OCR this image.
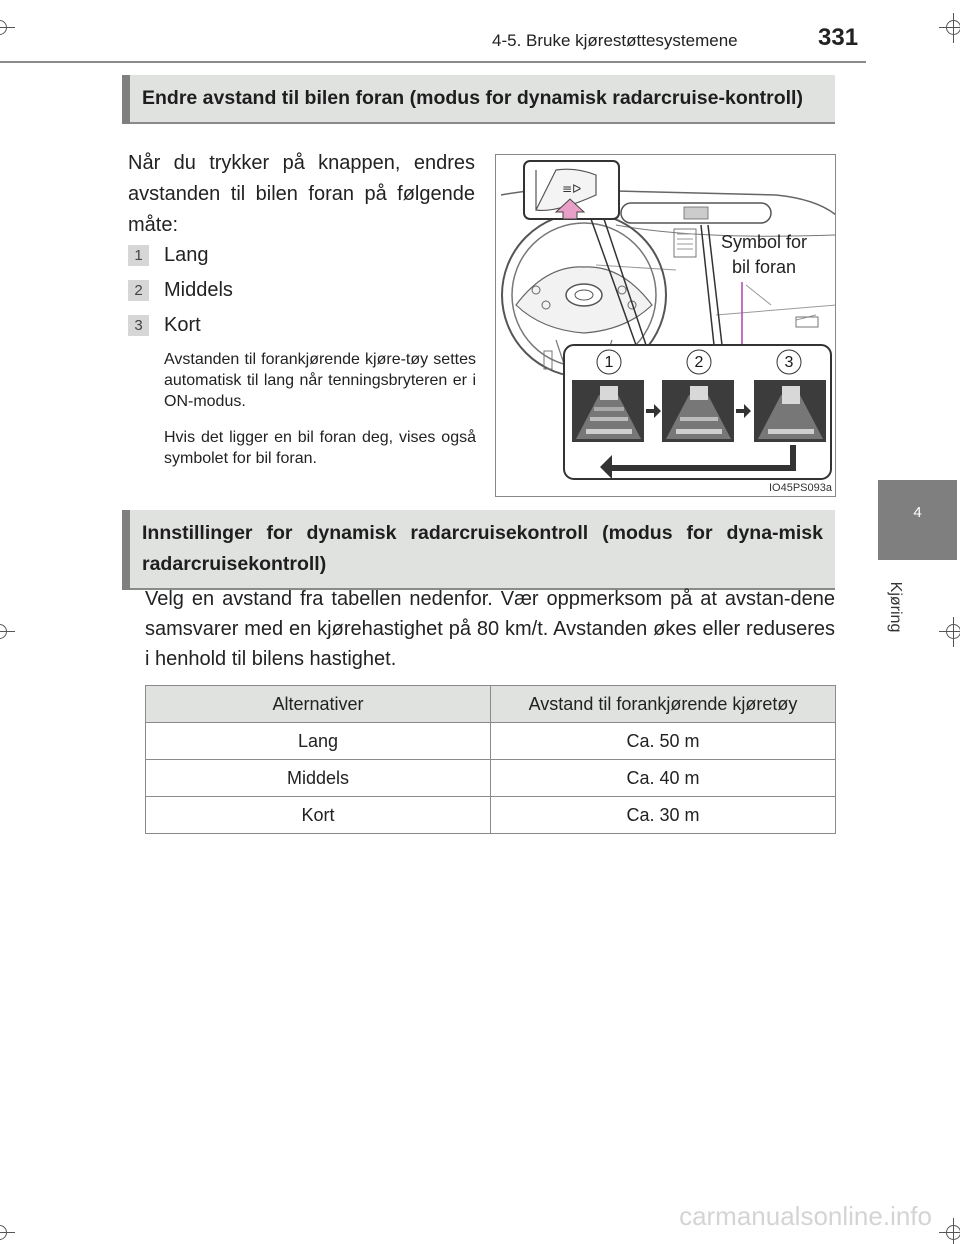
4-5. Bruke kjørestøttesystemene	331
4
Kjøring

Endre avstand til bilen foran (modus for dynamisk radarcruise-kontroll)

Når du trykker på knappen, endres avstanden til bilen foran på følgende måte:
1	Lang
2	Middels
3	Kort
Avstanden til forankjørende kjøre-tøy settes automatisk til lang når tenningsbryteren er i ON-modus.
Hvis det ligger en bil foran deg, vises også symbolet for bil foran.
≡ᐅ
Symbol for
bil foran
1	2	3
IO45PS093a

Innstillinger for dynamisk radarcruisekontroll (modus for dyna-misk radarcruisekontroll)

Velg en avstand fra tabellen nedenfor. Vær oppmerksom på at avstan-dene samsvarer med en kjørehastighet på 80 km/t. Avstanden økes eller reduseres i henhold til bilens hastighet.
Alternativer	Avstand til forankjørende kjøretøy
Lang	Ca. 50 m
Middels	Ca. 40 m
Kort	Ca. 30 m
carmanualsonline.info
